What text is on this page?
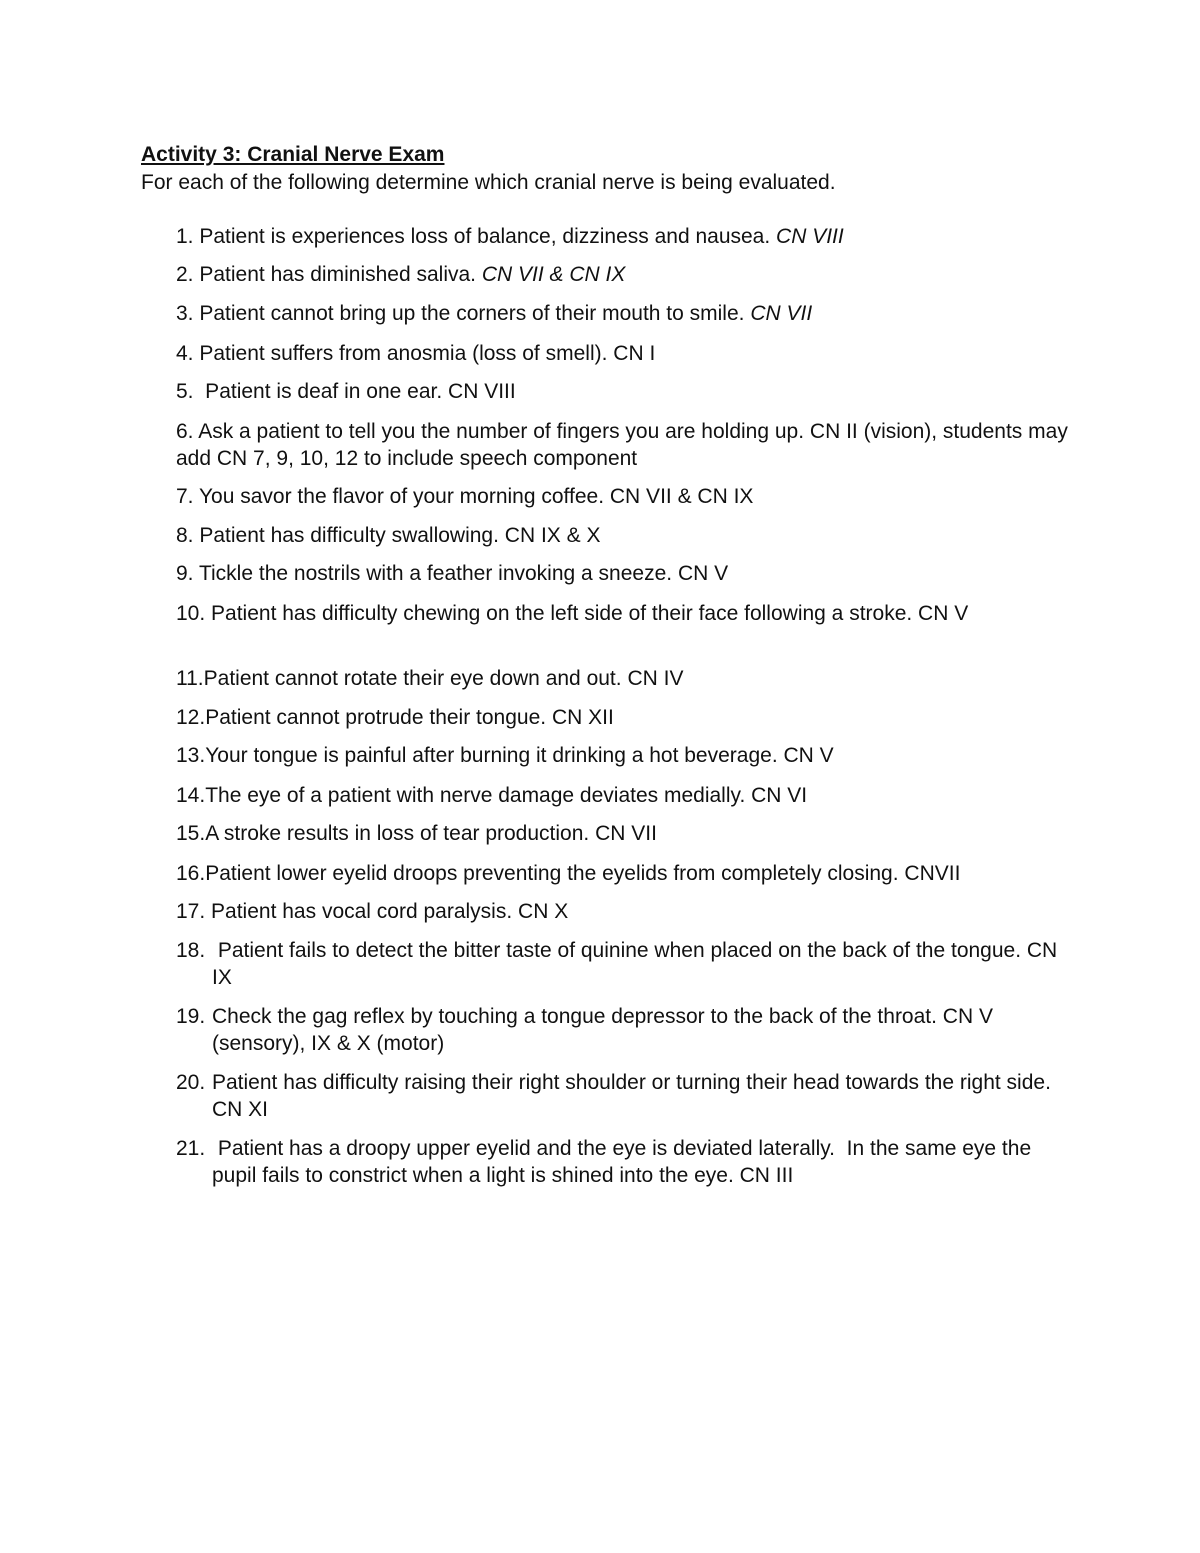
Activity 3: Cranial Nerve Exam

For each of the following determine which cranial nerve is being evaluated.

1. Patient is experiences loss of balance, dizziness and nausea. CN VIII
2. Patient has diminished saliva. CN VII & CN IX
3. Patient cannot bring up the corners of their mouth to smile. CN VII
4. Patient suffers from anosmia (loss of smell). CN I
5.  Patient is deaf in one ear. CN VIII
6. Ask a patient to tell you the number of fingers you are holding up. CN II (vision), students may add CN 7, 9, 10, 12 to include speech component
7. You savor the flavor of your morning coffee. CN VII & CN IX
8. Patient has difficulty swallowing. CN IX & X
9. Tickle the nostrils with a feather invoking a sneeze. CN V
10. Patient has difficulty chewing on the left side of their face following a stroke. CN V
11.Patient cannot rotate their eye down and out. CN IV
12.Patient cannot protrude their tongue. CN XII
13.Your tongue is painful after burning it drinking a hot beverage. CN V
14.The eye of a patient with nerve damage deviates medially. CN VI
15.A stroke results in loss of tear production. CN VII
16.Patient lower eyelid droops preventing the eyelids from completely closing. CNVII
17. Patient has vocal cord paralysis. CN X
18. Patient fails to detect the bitter taste of quinine when placed on the back of the tongue. CN IX
19. Check the gag reflex by touching a tongue depressor to the back of the throat. CN V (sensory), IX & X (motor)
20. Patient has difficulty raising their right shoulder or turning their head towards the right side. CN XI
21. Patient has a droopy upper eyelid and the eye is deviated laterally.  In the same eye the pupil fails to constrict when a light is shined into the eye. CN III
